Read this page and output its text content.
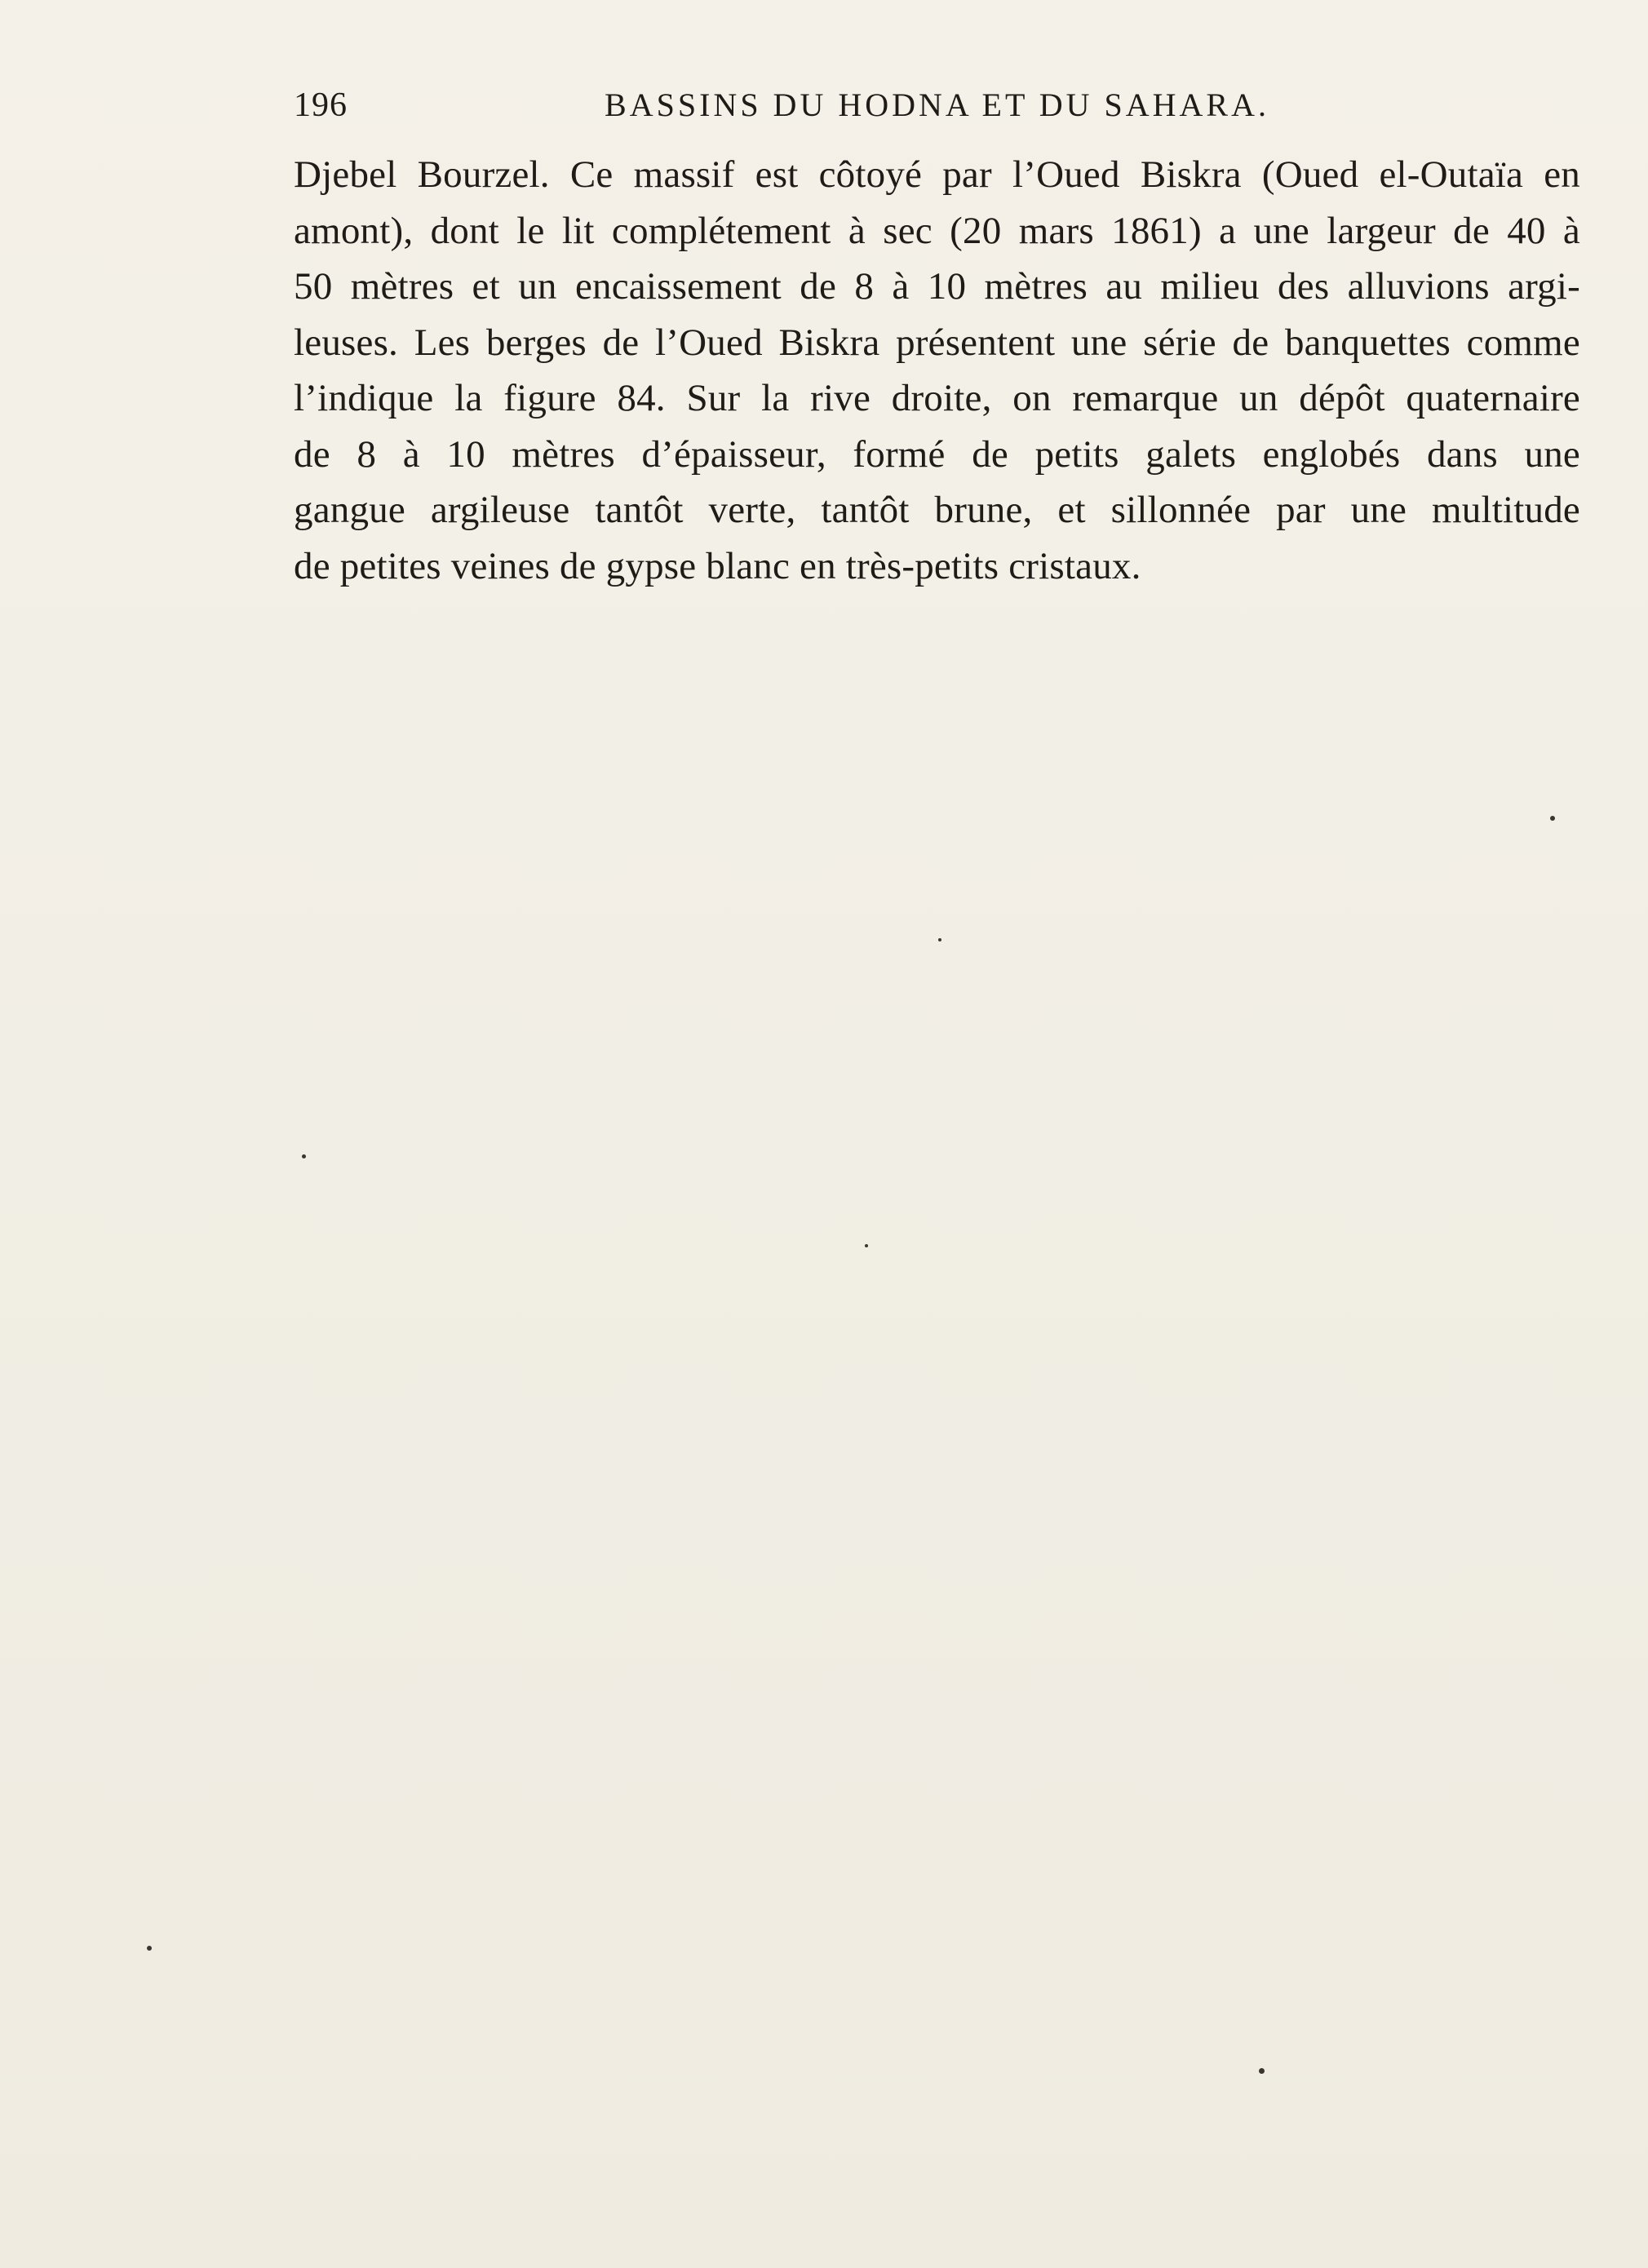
196	BASSINS DU HODNA ET DU SAHARA.
Djebel Bourzel. Ce massif est côtoyé par l’Oued Biskra (Oued el-Outaïa en
amont), dont le lit complétement à sec (20 mars 1861) a une largeur de 40 à
50 mètres et un encaissement de 8 à 10 mètres au milieu des alluvions argi-
leuses. Les berges de l’Oued Biskra présentent une série de banquettes comme
l’indique la figure 84. Sur la rive droite, on remarque un dépôt quaternaire
de 8 à 10 mètres d’épaisseur, formé de petits galets englobés dans une
gangue argileuse tantôt verte, tantôt brune, et sillonnée par une multitude
de petites veines de gypse blanc en très-petits cristaux.
